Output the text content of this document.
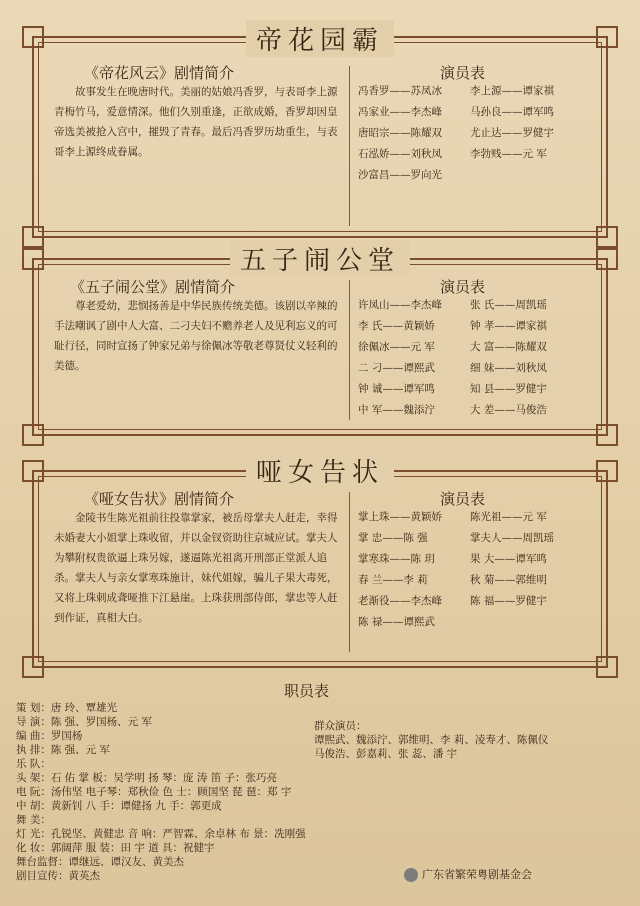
帝花园霸
《帝花风云》剧情简介	演员表

故事发生在晚唐时代。美丽的姑娘冯香罗，与表哥李上源青梅竹马，爱意情深。他们久别重逢，正欲成婚，香罗却因皇帝选美被抢入宫中，摧毁了青春。最后冯香罗历劫重生，与表哥李上源终成眷属。

冯香罗——苏凤冰	李上源——谭家祺
冯家业——李杰峰	马孙良——谭军鸣
唐昭宗——陈耀双	尤止达——罗健宇
石泓娇——刘秋凤	李勃贱——元 军
沙富昌——罗向光
五子闹公堂
《五子闹公堂》剧情简介	演员表

尊老爱幼，悲悯扬善是中华民族传统美德。该剧以辛辣的手法嘲讽了剧中人大富、二刁夫妇不赡养老人及见利忘义的可耻行径，同时宣扬了钟家兄弟与徐佩冰等敬老尊贤仗义轻利的美德。

许凤山——李杰峰	张 氏——周凯瑶
李 氏——黄颖娇	钟 孝——谭家祺
徐佩冰——元 军	大 富——陈耀双
二 刁——谭熙武	细 妹——刘秋凤
钟 诚——谭军鸣	知 县——罗健宇
中 军——魏添泞	大 差——马俊浩
哑女告状
《哑女告状》剧情简介	演员表

金陵书生陈光祖前往投靠掌家，被岳母掌夫人赶走，幸得未婚妻大小姐掌上珠收留，并以金钗资助往京城应试。掌夫人为攀附权贵欲逼上珠另嫁，遂逼陈光祖离开刑部正堂派人追杀。掌夫人与亲女掌寒珠施计，妹代姐嫁，骗儿子果大毒死，又将上珠刺成聋哑推下江悬崖。上珠获刑部侍郎，掌忠等人赶到作证，真相大白。

掌上珠——黄颖娇	陈光祖——元 军
掌 忠——陈 强	掌夫人——周凯瑶
掌寒珠——陈 玥	果 大——谭军鸣
春 兰——李 莉	秋 菊——郭维明
老渐役——李杰峰	陈 福——罗健宇
陈 禄——谭熙武
职员表
策 划：唐 玲、覃雄光
导 演：陈 强、罗国杨、元 军
编 曲：罗国杨
执 排：陈 强、元 军
乐 队：
头 架：石 佑 掌 板：吴学明 扬 琴：庞 涛 笛 子：张巧亮
电 阮：汤伟坚 电子琴：郑秋俭 色 士：顾国坚 琵 琶：郑 宇
中 胡：黄新钊 八 手：谭健扬 九 手：郭更成
舞 美：
灯 光：孔锐坚、黄健忠 音 响：严智霖、余卓林 布 景：冼刚强
化 妆：郭阔萍 服 装：田 宇 道 具：祝健宇
舞台监督：谭继远、谭汉友、黄美杰
剧目宣传：黄英杰
群众演员：
谭熙武、魏添泞、郭维明、李 莉、凌寿才、陈佩仪
马俊浩、彭嘉莉、张 蕊、潘 宇
广东省繁荣粤剧基金会
